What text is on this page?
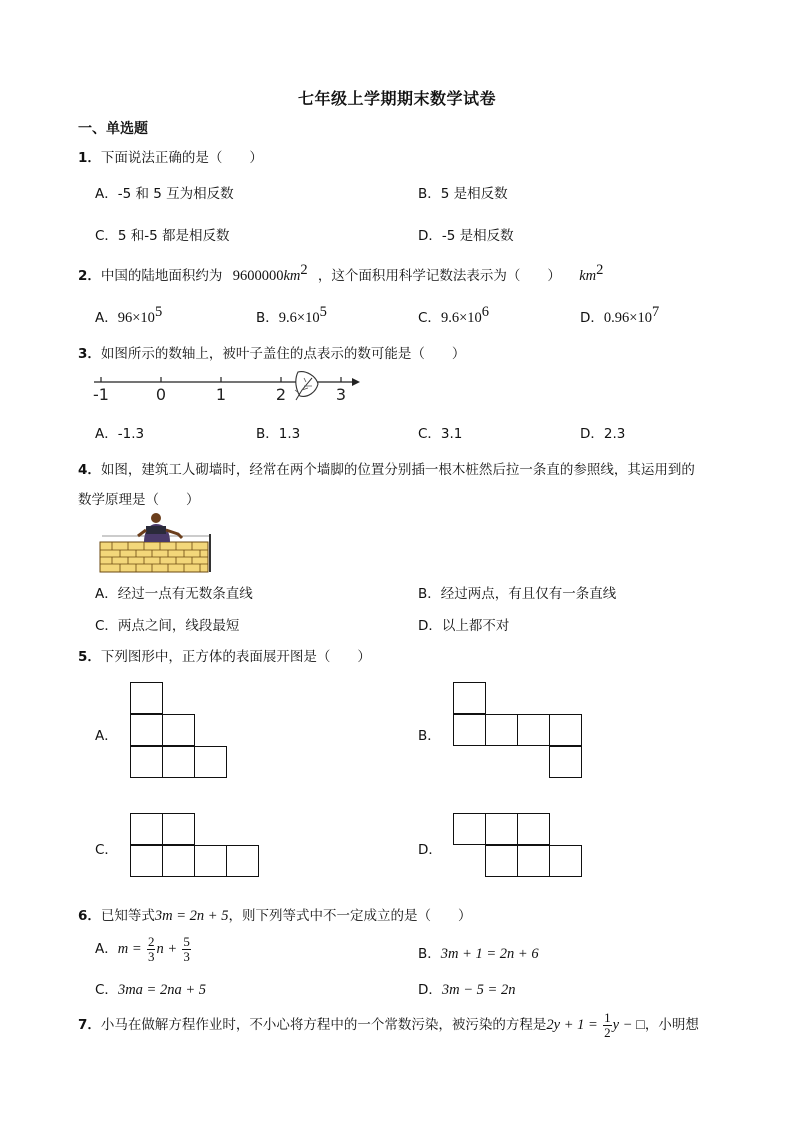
七年级上学期期末数学试卷
一、单选题
1．下面说法正确的是（　　）
A．-5 和 5 互为相反数	B．5 是相反数
C．5 和-5 都是相反数	D．-5 是相反数
2．中国的陆地面积约为 $9600000km^2$ ，这个面积用科学记数法表示为（　　） $km^2$
A．$96\times 10^5$	B．$9.6\times 10^5$	C．$9.6\times 10^6$	D．$0.96\times 10^7$
3．如图所示的数轴上，被叶子盖住的点表示的数可能是（　　）
-1	0	1	2	3
A．-1.3	B．1.3	C．3.1	D．2.3
4．如图，建筑工人砌墙时，经常在两个墙脚的位置分别插一根木桩然后拉一条直的参照线，其运用到的
数学原理是（　　）
A．经过一点有无数条直线	B．经过两点，有且仅有一条直线
C．两点之间，线段最短	D．以上都不对
5．下列图形中，正方体的表面展开图是（　　）
A．	B．
C．	D．
6．已知等式3m = 2n + 5，则下列等式中不一定成立的是（　　）
A．$m = \frac{2}{3}$ $n + \frac{5}{3}$	B．3m + 1 = 2n + 6
C．3ma = 2na + 5	D．3m − 5 = 2n
7．小马在做解方程作业时，不小心将方程中的一个常数污染，被污染的方程是$2y + 1 = \frac{1}{2}$ y − □，小明想
